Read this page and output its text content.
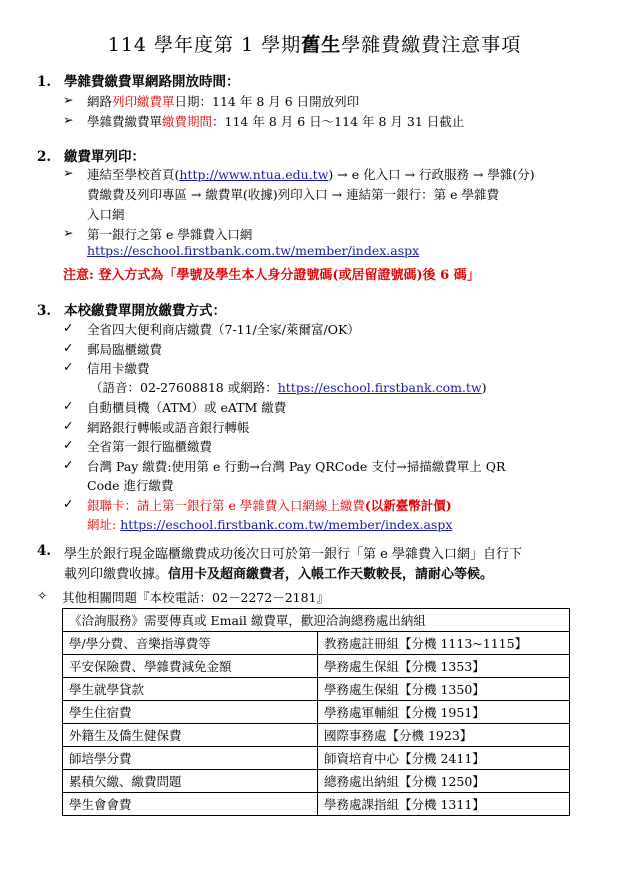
114 學年度第 1 學期舊生學雜費繳費注意事項
1. 學雜費繳費單網路開放時間：
➢ 網路列印繳費單日期：114 年 8 月 6 日開放列印
➢ 學雜費繳費單繳費期間：114 年 8 月 6 日～114 年 8 月 31 日截止
2. 繳費單列印：
➢ 連結至學校首頁(http://www.ntua.edu.tw) → e 化入口 → 行政服務 → 學雜(分)
費繳費及列印專區 → 繳費單(收據)列印入口 → 連結第一銀行：第 e 學雜費
入口網
➢ 第一銀行之第 e 學雜費入口網
https://eschool.firstbank.com.tw/member/index.aspx
注意: 登入方式為「學號及學生本人身分證號碼(或居留證號碼)後 6 碼」
3. 本校繳費單開放繳費方式：
✓ 全省四大便利商店繳費（7-11/全家/萊爾富/OK）
✓ 郵局臨櫃繳費
✓ 信用卡繳費
（語音：02-27608818 或網路：https://eschool.firstbank.com.tw)
✓ 自動櫃員機（ATM）或 eATM 繳費
✓ 網路銀行轉帳或語音銀行轉帳
✓ 全省第一銀行臨櫃繳費
✓ 台灣 Pay 繳費:使用第 e 行動→台灣 Pay QRCode 支付→掃描繳費單上 QR
Code 進行繳費
✓ 銀聯卡：請上第一銀行第 e 學雜費入口網線上繳費(以新臺幣計價)
網址: https://eschool.firstbank.com.tw/member/index.aspx
4. 學生於銀行現金臨櫃繳費成功後次日可於第一銀行「第 e 學雜費入口網」自行下
載列印繳費收據。信用卡及超商繳費者，入帳工作天數較長，請耐心等候。
✧ 其他相關問題『本校電話：02－2272－2181』
《洽詢服務》需要傳真或 Email 繳費單，歡迎洽詢總務處出納組	
學/學分費、音樂指導費等	教務處註冊組【分機 1113~1115】
平安保險費、學雜費減免金額	學務處生保組【分機 1353】
學生就學貸款	學務處生保組【分機 1350】
學生住宿費	學務處軍輔組【分機 1951】
外籍生及僑生健保費	國際事務處【分機 1923】
師培學分費	師資培育中心【分機 2411】
累積欠繳、繳費問題	總務處出納組【分機 1250】
學生會會費	學務處課指組【分機 1311】
